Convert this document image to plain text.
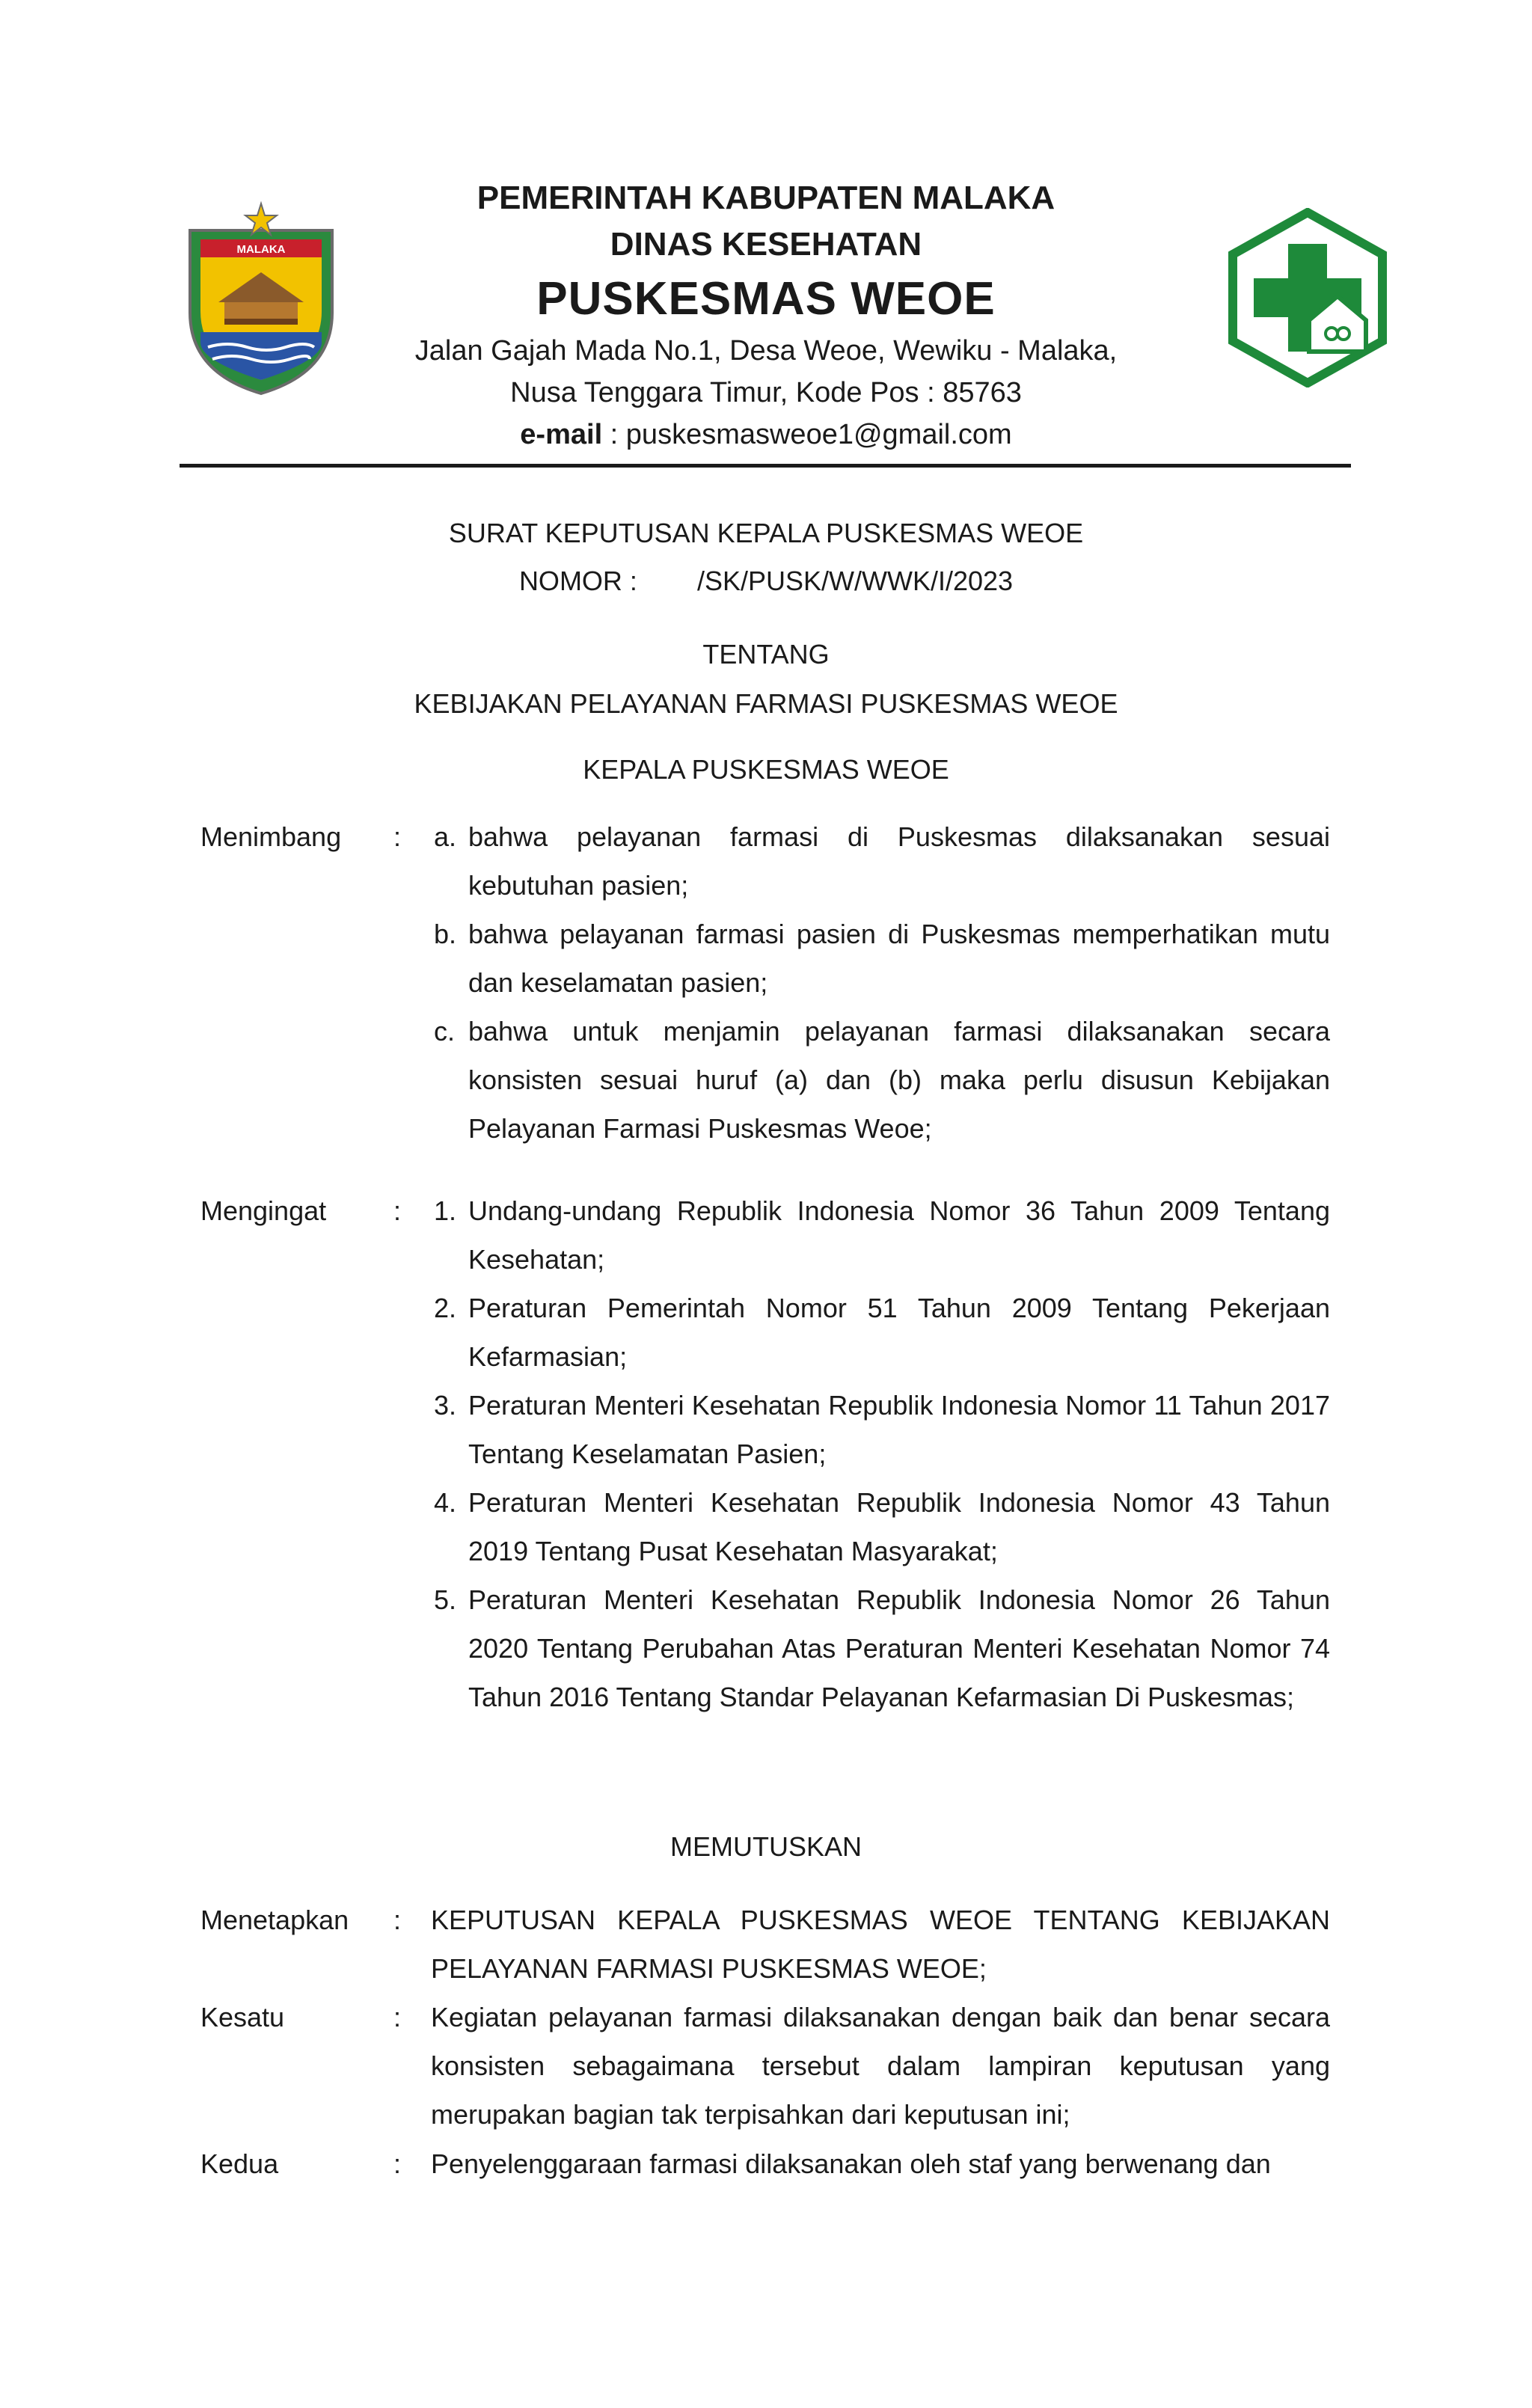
MALAKA
PEMERINTAH KABUPATEN MALAKA
DINAS KESEHATAN
PUSKESMAS WEOE
Jalan Gajah Mada No.1, Desa Weoe, Wewiku - Malaka,
Nusa Tenggara Timur, Kode Pos : 85763
e-mail : puskesmasweoe1@gmail.com
SURAT KEPUTUSAN KEPALA PUSKESMAS WEOE
NOMOR : /SK/PUSK/W/WWK/I/2023
TENTANG
KEBIJAKAN PELAYANAN FARMASI PUSKESMAS WEOE
KEPALA PUSKESMAS WEOE
Menimbang	: a. bahwa pelayanan farmasi di Puskesmas dilaksanakan sesuai kebutuhan pasien;
b. bahwa pelayanan farmasi pasien di Puskesmas memperhatikan mutu dan keselamatan pasien;
c. bahwa untuk menjamin pelayanan farmasi dilaksanakan secara konsisten sesuai huruf (a) dan (b) maka perlu disusun Kebijakan Pelayanan Farmasi Puskesmas Weoe;
Mengingat	: 1. Undang-undang Republik Indonesia Nomor 36 Tahun 2009 Tentang Kesehatan;
2. Peraturan Pemerintah Nomor 51 Tahun 2009 Tentang Pekerjaan Kefarmasian;
3. Peraturan Menteri Kesehatan Republik Indonesia Nomor 11 Tahun 2017 Tentang Keselamatan Pasien;
4. Peraturan Menteri Kesehatan Republik Indonesia Nomor 43 Tahun 2019 Tentang Pusat Kesehatan Masyarakat;
5. Peraturan Menteri Kesehatan Republik Indonesia Nomor 26 Tahun 2020 Tentang Perubahan Atas Peraturan Menteri Kesehatan Nomor 74 Tahun 2016 Tentang Standar Pelayanan Kefarmasian Di Puskesmas;
MEMUTUSKAN
Menetapkan	: KEPUTUSAN KEPALA PUSKESMAS WEOE TENTANG KEBIJAKAN PELAYANAN FARMASI PUSKESMAS WEOE;
Kesatu	: Kegiatan pelayanan farmasi dilaksanakan dengan baik dan benar secara konsisten sebagaimana tersebut dalam lampiran keputusan yang merupakan bagian tak terpisahkan dari keputusan ini;
Kedua	: Penyelenggaraan farmasi dilaksanakan oleh staf yang berwenang dan
